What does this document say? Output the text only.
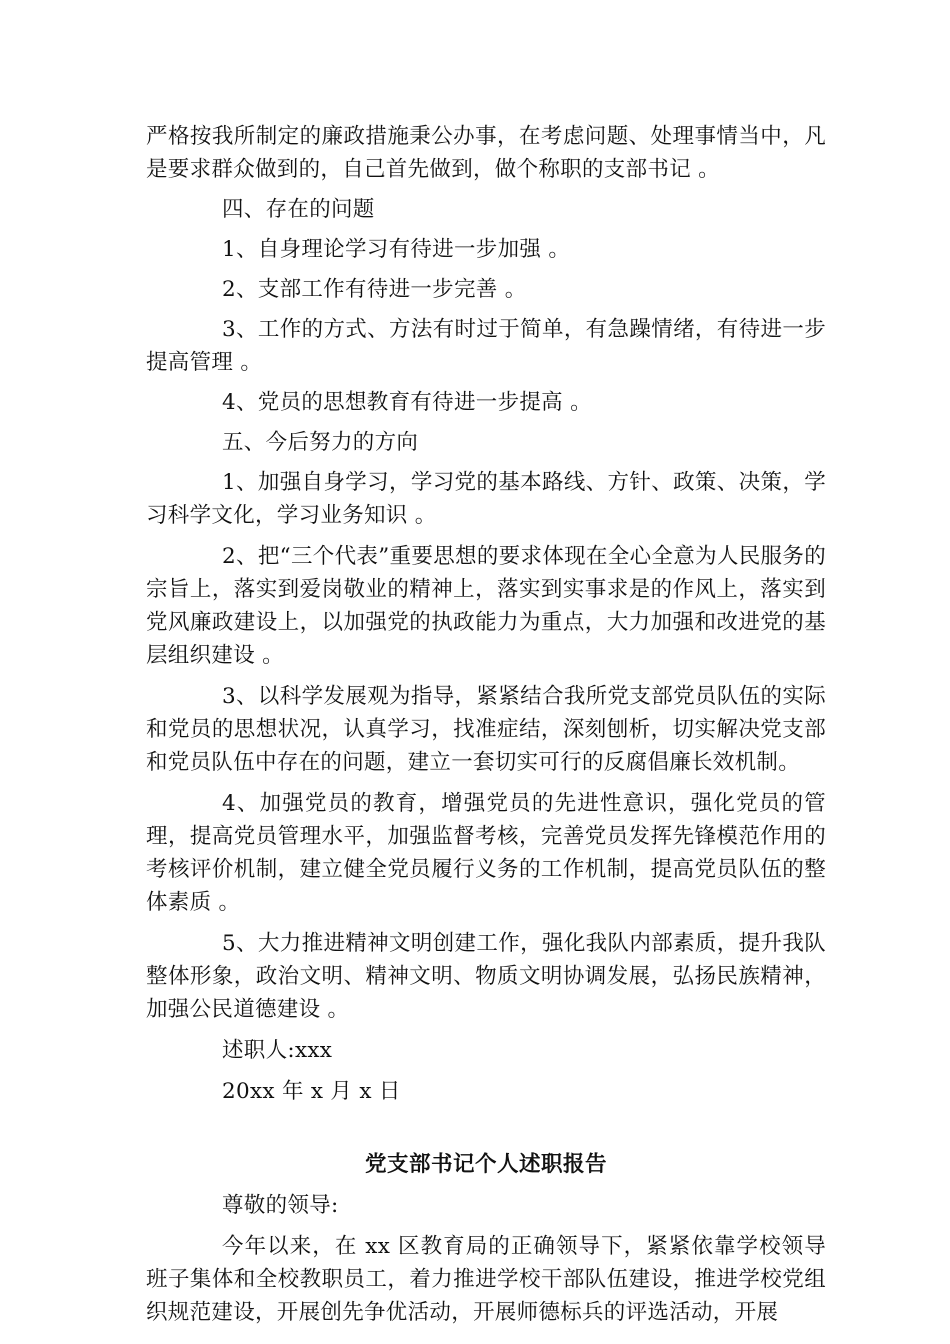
严格按我所制定的廉政措施秉公办事，在考虑问题、处理事情当中，凡是要求群众做到的，自己首先做到，做个称职的支部书记 。

四、存在的问题

1、自身理论学习有待进一步加强 。

2、支部工作有待进一步完善 。

3、工作的方式、方法有时过于简单，有急躁情绪，有待进一步提高管理 。

4、党员的思想教育有待进一步提高 。

五、今后努力的方向

1、加强自身学习，学习党的基本路线、方针、政策、决策，学习科学文化，学习业务知识 。

2、把“三个代表”重要思想的要求体现在全心全意为人民服务的宗旨上，落实到爱岗敬业的精神上，落实到实事求是的作风上，落实到党风廉政建设上，以加强党的执政能力为重点，大力加强和改进党的基层组织建设 。

3、以科学发展观为指导，紧紧结合我所党支部党员队伍的实际和党员的思想状况，认真学习，找准症结，深刻刨析，切实解决党支部和党员队伍中存在的问题，建立一套切实可行的反腐倡廉长效机制。

4、加强党员的教育，增强党员的先进性意识，强化党员的管理，提高党员管理水平，加强监督考核，完善党员发挥先锋模范作用的考核评价机制，建立健全党员履行义务的工作机制，提高党员队伍的整体素质 。

5、大力推进精神文明创建工作，强化我队内部素质，提升我队整体形象，政治文明、精神文明、物质文明协调发展，弘扬民族精神，加强公民道德建设 。

述职人:xxx

20xx 年 x 月 x 日

党支部书记个人述职报告

尊敬的领导:

今年以来，在 xx 区教育局的正确领导下，紧紧依靠学校领导班子集体和全校教职员工，着力推进学校干部队伍建设，推进学校党组织规范建设，开展创先争优活动，开展师德标兵的评选活动，开展
